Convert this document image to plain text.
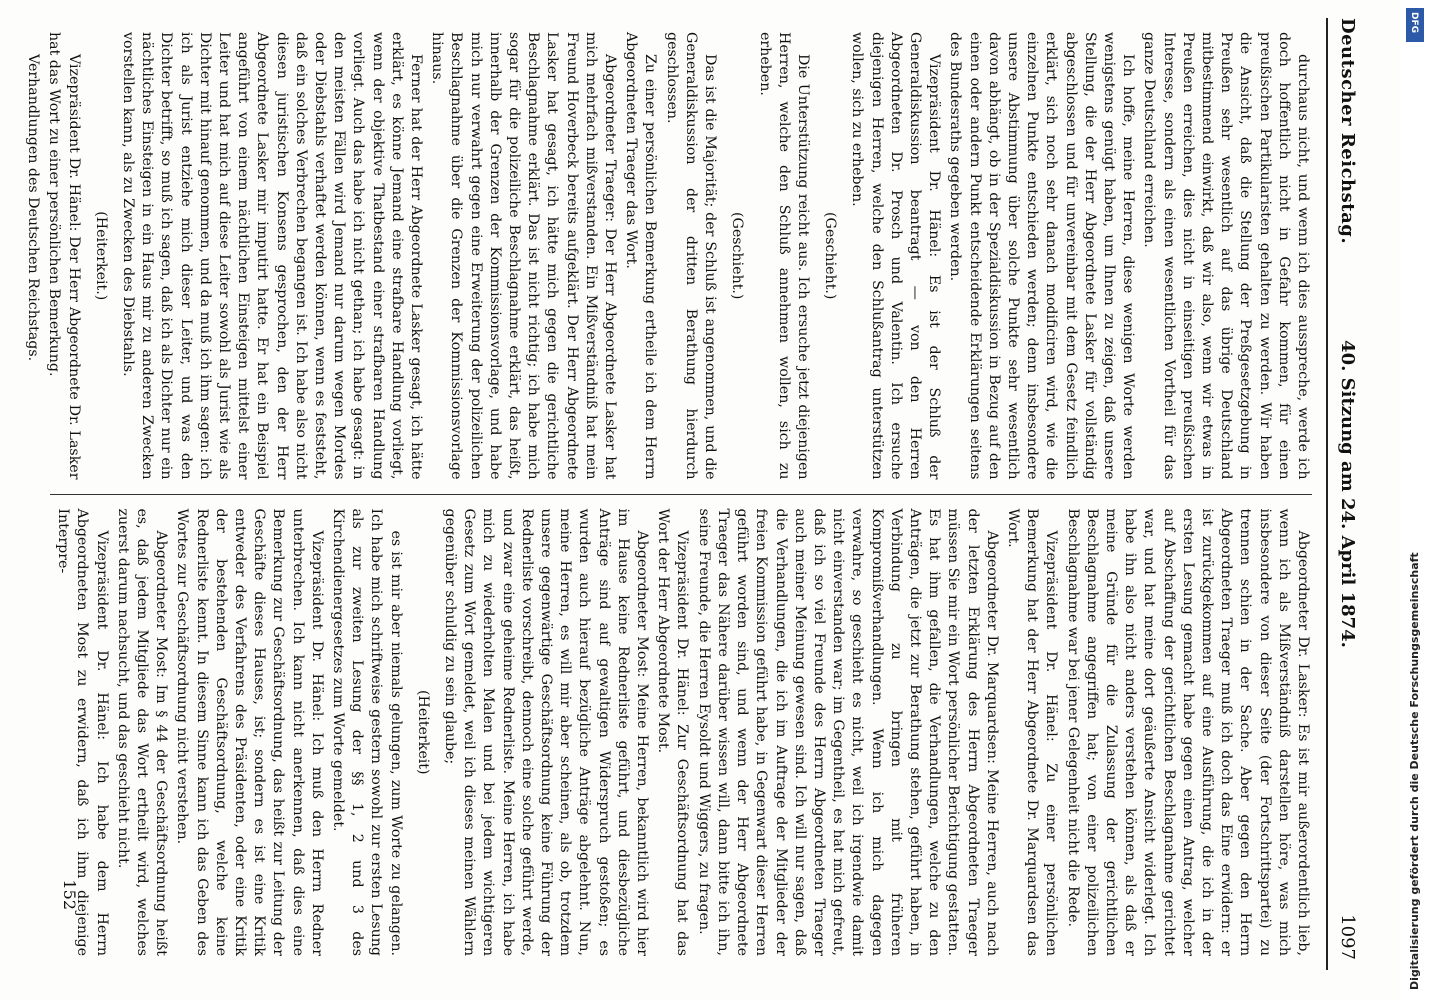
Deutscher Reichstag.
40. Sitzung am 24. April 1874.
1097

durchaus nicht, und wenn ich dies ausspreche, werde ich doch hoffentlich nicht in Gefahr kommen, für einen preußischen Partikularisten gehalten zu werden. Wir haben die Ansicht, daß die Stellung der Preßgesetzgebung in Preußen sehr wesentlich auf das übrige Deutschland mitbestimmend einwirkt, daß wir also, wenn wir etwas in Preußen erreichen, dies nicht in einseitigen preußischen Interesse, sondern als einen wesentlichen Vortheil für das ganze Deutschland erreichen.

Ich hoffe, meine Herren, diese wenigen Worte werden wenigstens genügt haben, um Ihnen zu zeigen, daß unsere Stellung, die der Herr Abgeordnete Lasker für vollständig abgeschlossen und für unvereinbar mit dem Gesetz feindlich erklärt, sich noch sehr danach modificiren wird, wie die einzelnen Punkte entschieden werden; denn insbesondere unsere Abstimmung über solche Punkte sehr wesentlich davon abhängt, ob in der Spezialdiskussion in Bezug auf den einen oder andern Punkt entscheidende Erklärungen seitens des Bundesraths gegeben werden.

Vizepräsident Dr. Hänel: Es ist der Schluß der Generaldiskussion beantragt — von den Herren Abgeordneten Dr. Prosch und Valentin. Ich ersuche diejenigen Herren, welche den Schlußantrag unterstützen wollen, sich zu erheben.

(Geschieht.)

Die Unterstützung reicht aus. Ich ersuche jetzt diejenigen Herren, welche den Schluß annehmen wollen, sich zu erheben.

(Geschieht.)

Das ist die Majorität; der Schluß ist angenommen, und die Generaldiskussion der dritten Berathung hierdurch geschlossen.

Zu einer persönlichen Bemerkung ertheile ich dem Herrn Abgeordneten Traeger das Wort.

Abgeordneter Traeger: Der Herr Abgeordnete Lasker hat mich mehrfach mißverstanden. Ein Mißverständniß hat mein Freund Hoverbeck bereits aufgeklärt. Der Herr Abgeordnete Lasker hat gesagt, ich hätte mich gegen die gerichtliche Beschlagnahme erklärt. Das ist nicht richtig; ich habe mich sogar für die polizeiliche Beschlagnahme erklärt, das heißt, innerhalb der Grenzen der Kommissionsvorlage, und habe mich nur verwahrt gegen eine Erweiterung der polizeilichen Beschlagnahme über die Grenzen der Kommissionsvorlage hinaus.

Ferner hat der Herr Abgeordnete Lasker gesagt, ich hätte erklärt, es könne Jemand eine strafbare Handlung vorliegt, wenn der objektive Thatbestand einer strafbaren Handlung vorliegt. Auch das habe ich nicht gethan; ich habe gesagt: in den meisten Fällen wird Jemand nur darum wegen Mordes oder Diebstahls verhaftet werden können, wenn es feststeht, daß ein solches Verbrechen begangen ist. Ich habe also nicht diesen juristischen Konsens gesprochen, den der Herr Abgeordnete Lasker mir imputirt hatte. Er hat ein Beispiel angeführt von einem nächtlichen Einsteigen mittelst einer Leiter und hat mich auf diese Leiter sowohl als Jurist wie als Dichter mit hinauf genommen, und da muß ich ihm sagen: ich ich als Jurist entziehe mich dieser Leiter, und was den Dichter betrifft, so muß ich sagen, daß ich als Dichter nur ein nächtliches Einsteigen in ein Haus mir zu anderen Zwecken vorstellen kann, als zu Zwecken des Diebstahls.

(Heiterkeit.)

Vizepräsident Dr. Hänel: Der Herr Abgeordnete Dr. Lasker hat das Wort zu einer persönlichen Bemerkung.

Verhandlungen des Deutschen Reichstags.

Abgeordneter Dr. Lasker: Es ist mir außerordentlich lieb, wenn ich als Mißverständniß darstellen höre, was mich insbesondere von dieser Seite (der Fortschrittspartei) zu trennen schien in der Sache. Aber gegen den Herrn Abgeordneten Traeger muß ich doch das Eine erwidern: er ist zurückgekommen auf eine Ausführung, die ich in der ersten Lesung gemacht habe gegen einen Antrag, welcher auf Abschaffung der gerichtlichen Beschlagnahme gerichtet war, und hat meine dort geäußerte Ansicht widerlegt. Ich habe ihn also nicht anders verstehen können, als daß er meine Gründe für die Zulassung der gerichtlichen Beschlagnahme angegriffen hat; von einer polizeilichen Beschlagnahme war bei jener Gelegenheit nicht die Rede.

Vizepräsident Dr. Hänel: Zu einer persönlichen Bemerkung hat der Herr Abgeordnete Dr. Marquardsen das Wort.

Abgeordneter Dr. Marquardsen: Meine Herren, auch nach der letzten Erklärung des Herrn Abgeordneten Traeger müssen Sie mir ein Wort persönlicher Berichtigung gestatten. Es hat ihm gefallen, die Verhandlungen, welche zu den Anträgen, die jetzt zur Berathung stehen, geführt haben, in Verbindung zu bringen mit früheren Kompromißverhandlungen. Wenn ich mich dagegen verwahre, so geschieht es nicht, weil ich irgendwie damit nicht einverstanden war; im Gegentheil, es hat mich gefreut, daß ich so viel Freunde des Herrn Abgeordneten Traeger auch meiner Meinung gewesen sind. Ich will nur sagen, daß die Verhandlungen, die ich im Auftrage der Mitglieder der freien Kommission geführt habe, in Gegenwart dieser Herren geführt worden sind, und wenn der Herr Abgeordnete Traeger das Nähere darüber wissen will, dann bitte ich ihn, seine Freunde, die Herren Eysoldt und Wiggers, zu fragen.

Vizepräsident Dr. Hänel: Zur Geschäftsordnung hat das Wort der Herr Abgeordnete Most.

Abgeordneter Most: Meine Herren, bekanntlich wird hier im Hause keine Rednerliste geführt, und diesbezügliche Anträge sind auf gewaltigen Widerspruch gestoßen; es wurden auch hierauf bezügliche Anträge abgelehnt. Nun, meine Herren, es will mir aber scheinen, als ob, trotzdem unsere gegenwärtige Geschäftsordnung keine Führung der Rednerliste vorschreibt, dennoch eine solche geführt werde, und zwar eine geheime Rednerliste. Meine Herren, ich habe mich zu wiederholten Malen und bei jedem wichtigeren Gesetz zum Wort gemeldet, weil ich dieses meinen Wählern gegenüber schuldig zu sein glaube;

(Heiterkeit)

es ist mir aber niemals gelungen, zum Worte zu gelangen. Ich habe mich schriftweise gestern sowohl zur ersten Lesung als zur zweiten Lesung der §§ 1, 2 und 3 des Kirchendienergesetzes zum Worte gemeldet.

Vizepräsident Dr. Hänel: Ich muß den Herrn Redner unterbrechen. Ich kann nicht anerkennen, daß dies eine Bemerkung zur Geschäftsordnung, das heißt zur Leitung der Geschäfte dieses Hauses, ist; sondern es ist eine Kritik entweder des Verfahrens des Präsidenten, oder eine Kritik der bestehenden Geschäftsordnung, welche keine Rednerliste kennt. In diesem Sinne kann ich das Geben des Wortes zur Geschäftsordnung nicht verstehen.

Abgeordneter Most: Im § 44 der Geschäftsordnung heißt es, daß jedem Mitgliede das Wort ertheilt wird, welches zuerst darum nachsucht, und das geschieht nicht.

Vizepräsident Dr. Hänel: Ich habe dem Herrn Abgeordneten Most zu erwidern, daß ich ihm diejenige Interpre-

152
DFG
Digitalisierung gefördert durch die Deutsche Forschungsgemeinschaft
